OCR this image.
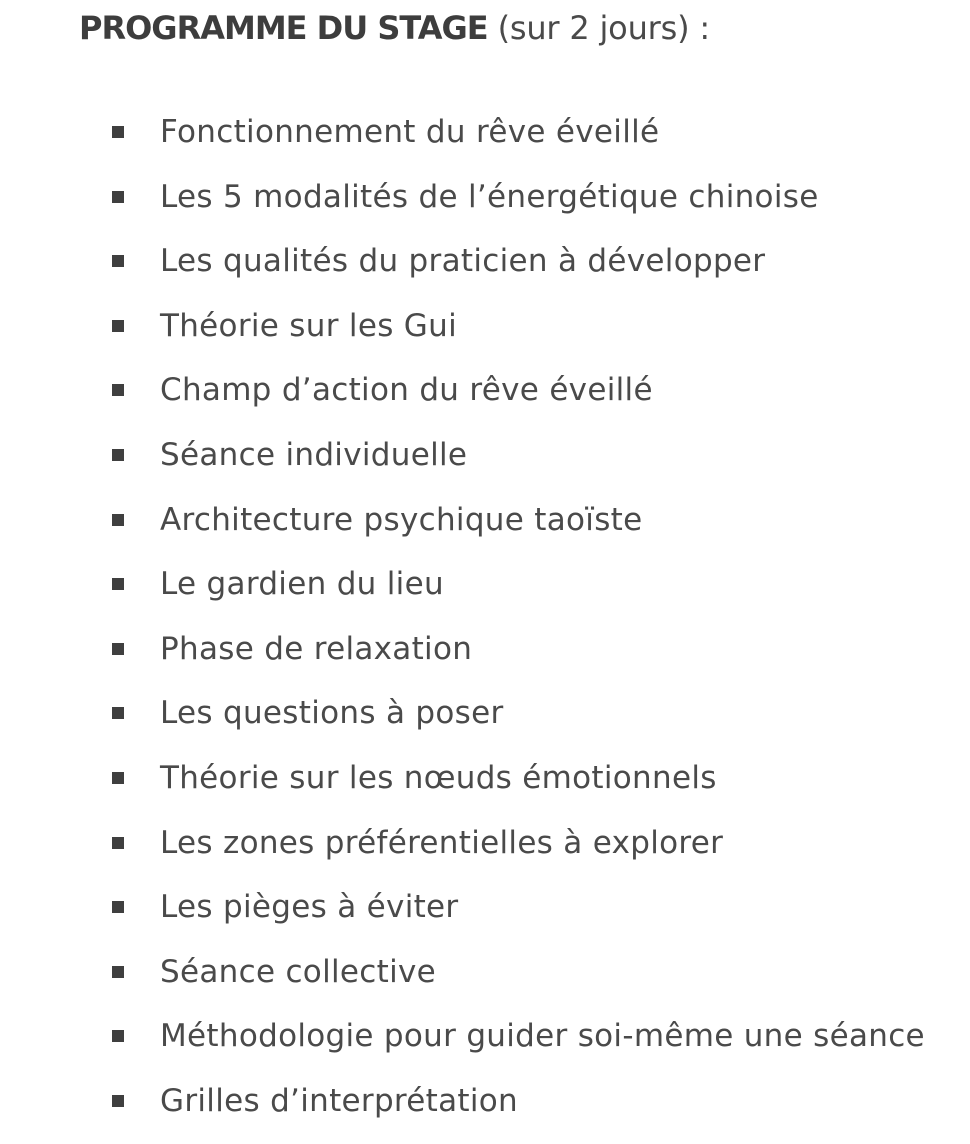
PROGRAMME DU STAGE (sur 2 jours) :
Fonctionnement du rêve éveillé
Les 5 modalités de l’énergétique chinoise
Les qualités du praticien à développer
Théorie sur les Gui
Champ d’action du rêve éveillé
Séance individuelle
Architecture psychique taoïste
Le gardien du lieu
Phase de relaxation
Les questions à poser
Théorie sur les nœuds émotionnels
Les zones préférentielles à explorer
Les pièges à éviter
Séance collective
Méthodologie pour guider soi-même une séance
Grilles d’interprétation
